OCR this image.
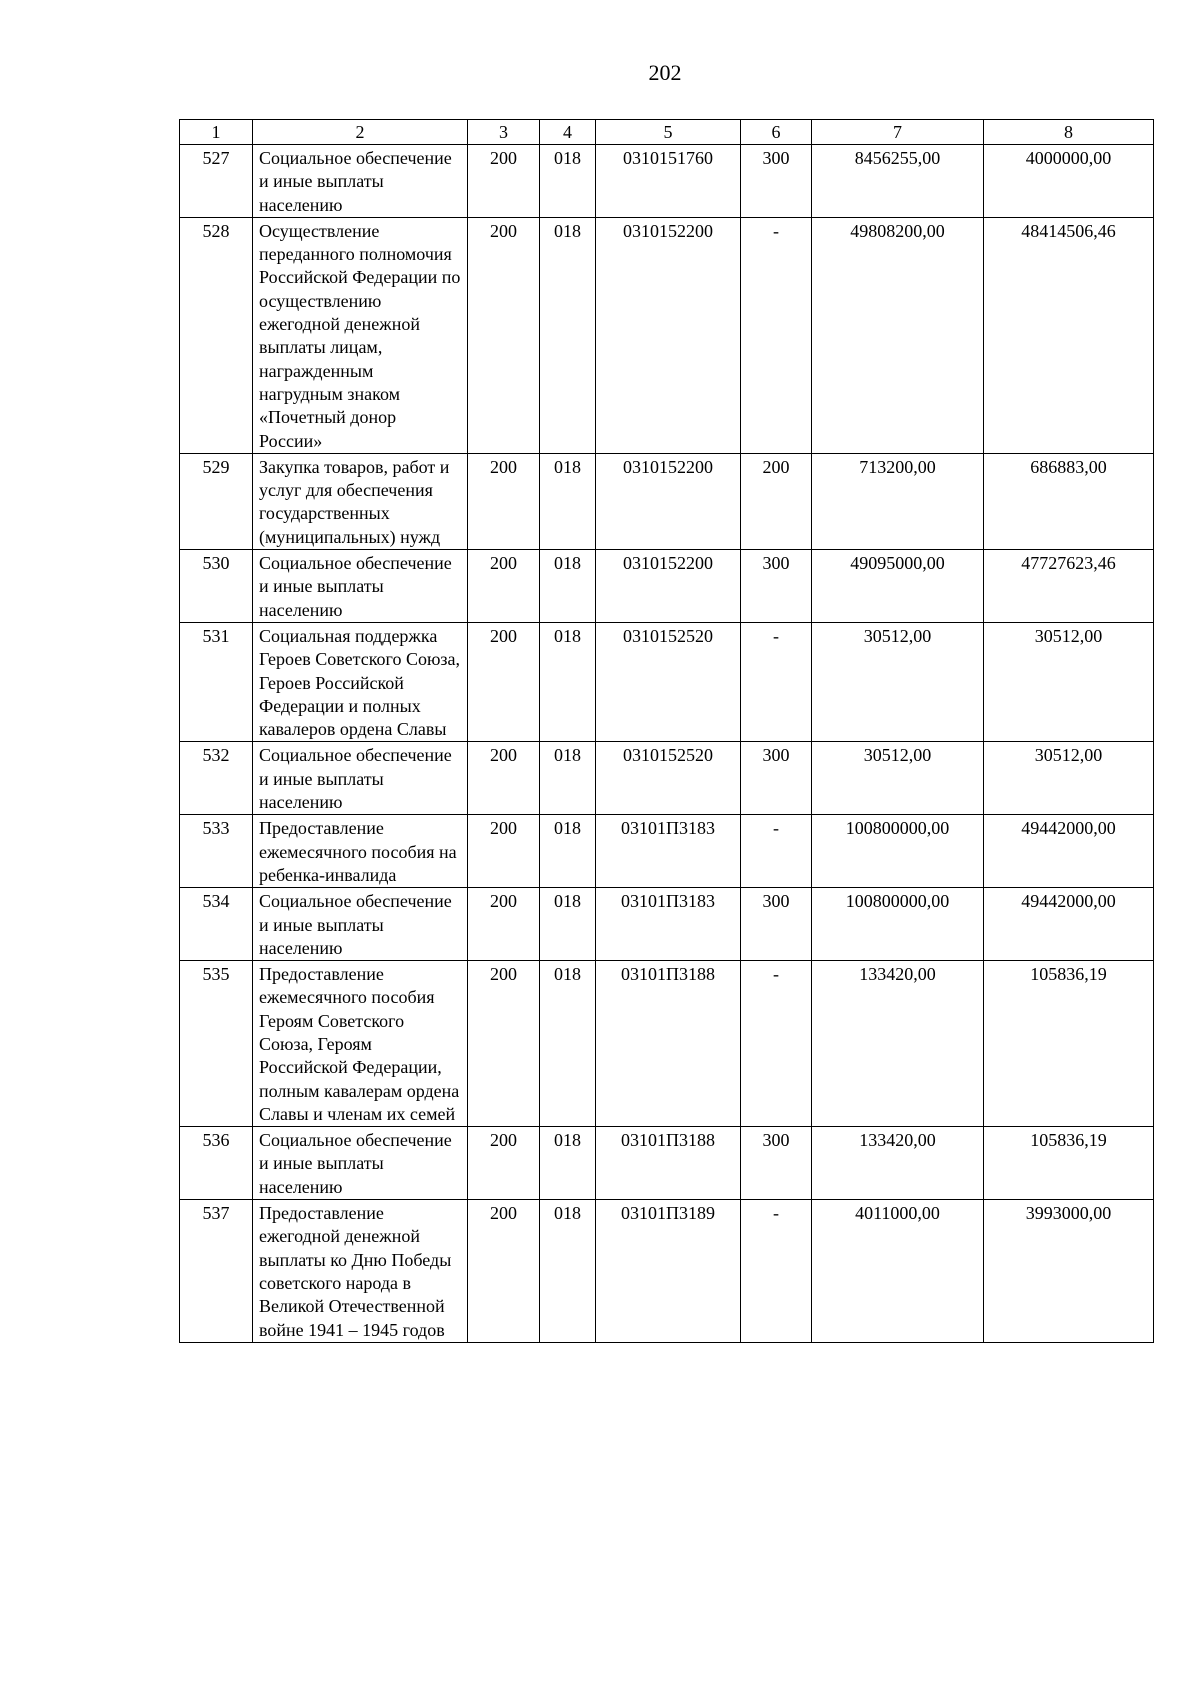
202
1	2	3	4	5	6	7	8
527	Социальное обеспечение и иные выплаты населению	200	018	0310151760	300	8456255,00	4000000,00
528	Осуществление переданного полномочия Российской Федерации по осуществлению ежегодной денежной выплаты лицам, награжденным нагрудным знаком «Почетный донор России»	200	018	0310152200	-	49808200,00	48414506,46
529	Закупка товаров, работ и услуг для обеспечения государственных (муниципальных) нужд	200	018	0310152200	200	713200,00	686883,00
530	Социальное обеспечение и иные выплаты населению	200	018	0310152200	300	49095000,00	47727623,46
531	Социальная поддержка Героев Советского Союза, Героев Российской Федерации и полных кавалеров ордена Славы	200	018	0310152520	-	30512,00	30512,00
532	Социальное обеспечение и иные выплаты населению	200	018	0310152520	300	30512,00	30512,00
533	Предоставление ежемесячного пособия на ребенка-инвалида	200	018	03101П3183	-	100800000,00	49442000,00
534	Социальное обеспечение и иные выплаты населению	200	018	03101П3183	300	100800000,00	49442000,00
535	Предоставление ежемесячного пособия Героям Советского Союза, Героям Российской Федерации, полным кавалерам ордена Славы и членам их семей	200	018	03101П3188	-	133420,00	105836,19
536	Социальное обеспечение и иные выплаты населению	200	018	03101П3188	300	133420,00	105836,19
537	Предоставление ежегодной денежной выплаты ко Дню Победы советского народа в Великой Отечественной войне 1941 – 1945 годов	200	018	03101П3189	-	4011000,00	3993000,00
